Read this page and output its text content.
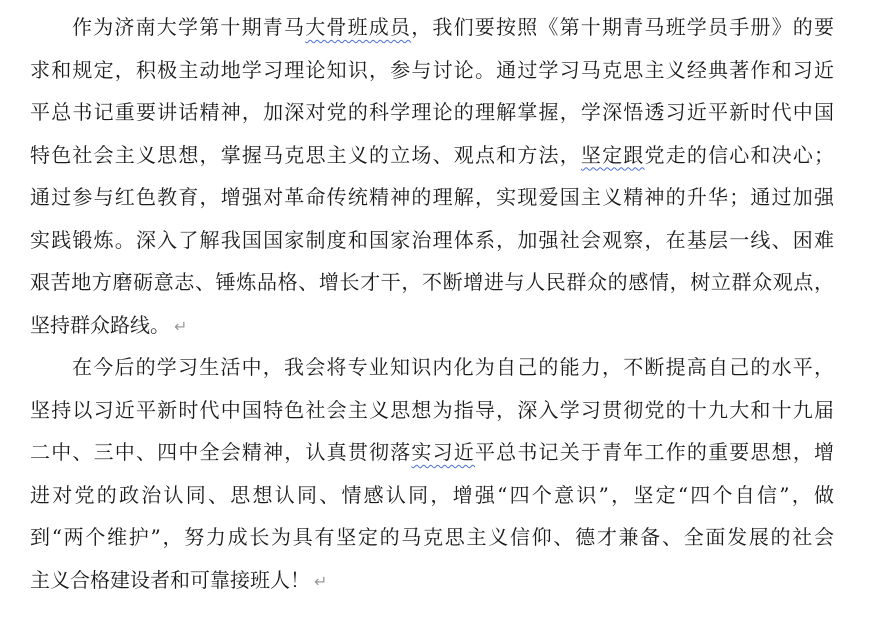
作为济南大学第十期青马大骨班成员，我们要按照《第十期青马班学员手册》的要
求和规定，积极主动地学习理论知识，参与讨论。通过学习马克思主义经典著作和习近
平总书记重要讲话精神，加深对党的科学理论的理解掌握，学深悟透习近平新时代中国
特色社会主义思想，掌握马克思主义的立场、观点和方法，坚定跟党走的信心和决心；
通过参与红色教育，增强对革命传统精神的理解，实现爱国主义精神的升华；通过加强
实践锻炼。深入了解我国国家制度和国家治理体系，加强社会观察，在基层一线、困难
艰苦地方磨砺意志、锤炼品格、增长才干，不断增进与人民群众的感情，树立群众观点，
坚持群众路线。 ↵
在今后的学习生活中，我会将专业知识内化为自己的能力，不断提高自己的水平，
坚持以习近平新时代中国特色社会主义思想为指导，深入学习贯彻党的十九大和十九届
二中、三中、四中全会精神，认真贯彻落实习近平总书记关于青年工作的重要思想，增
进对党的政治认同、思想认同、情感认同，增强“四个意识”，坚定“四个自信”，做
到“两个维护”，努力成长为具有坚定的马克思主义信仰、德才兼备、全面发展的社会
主义合格建设者和可靠接班人！ ↵
